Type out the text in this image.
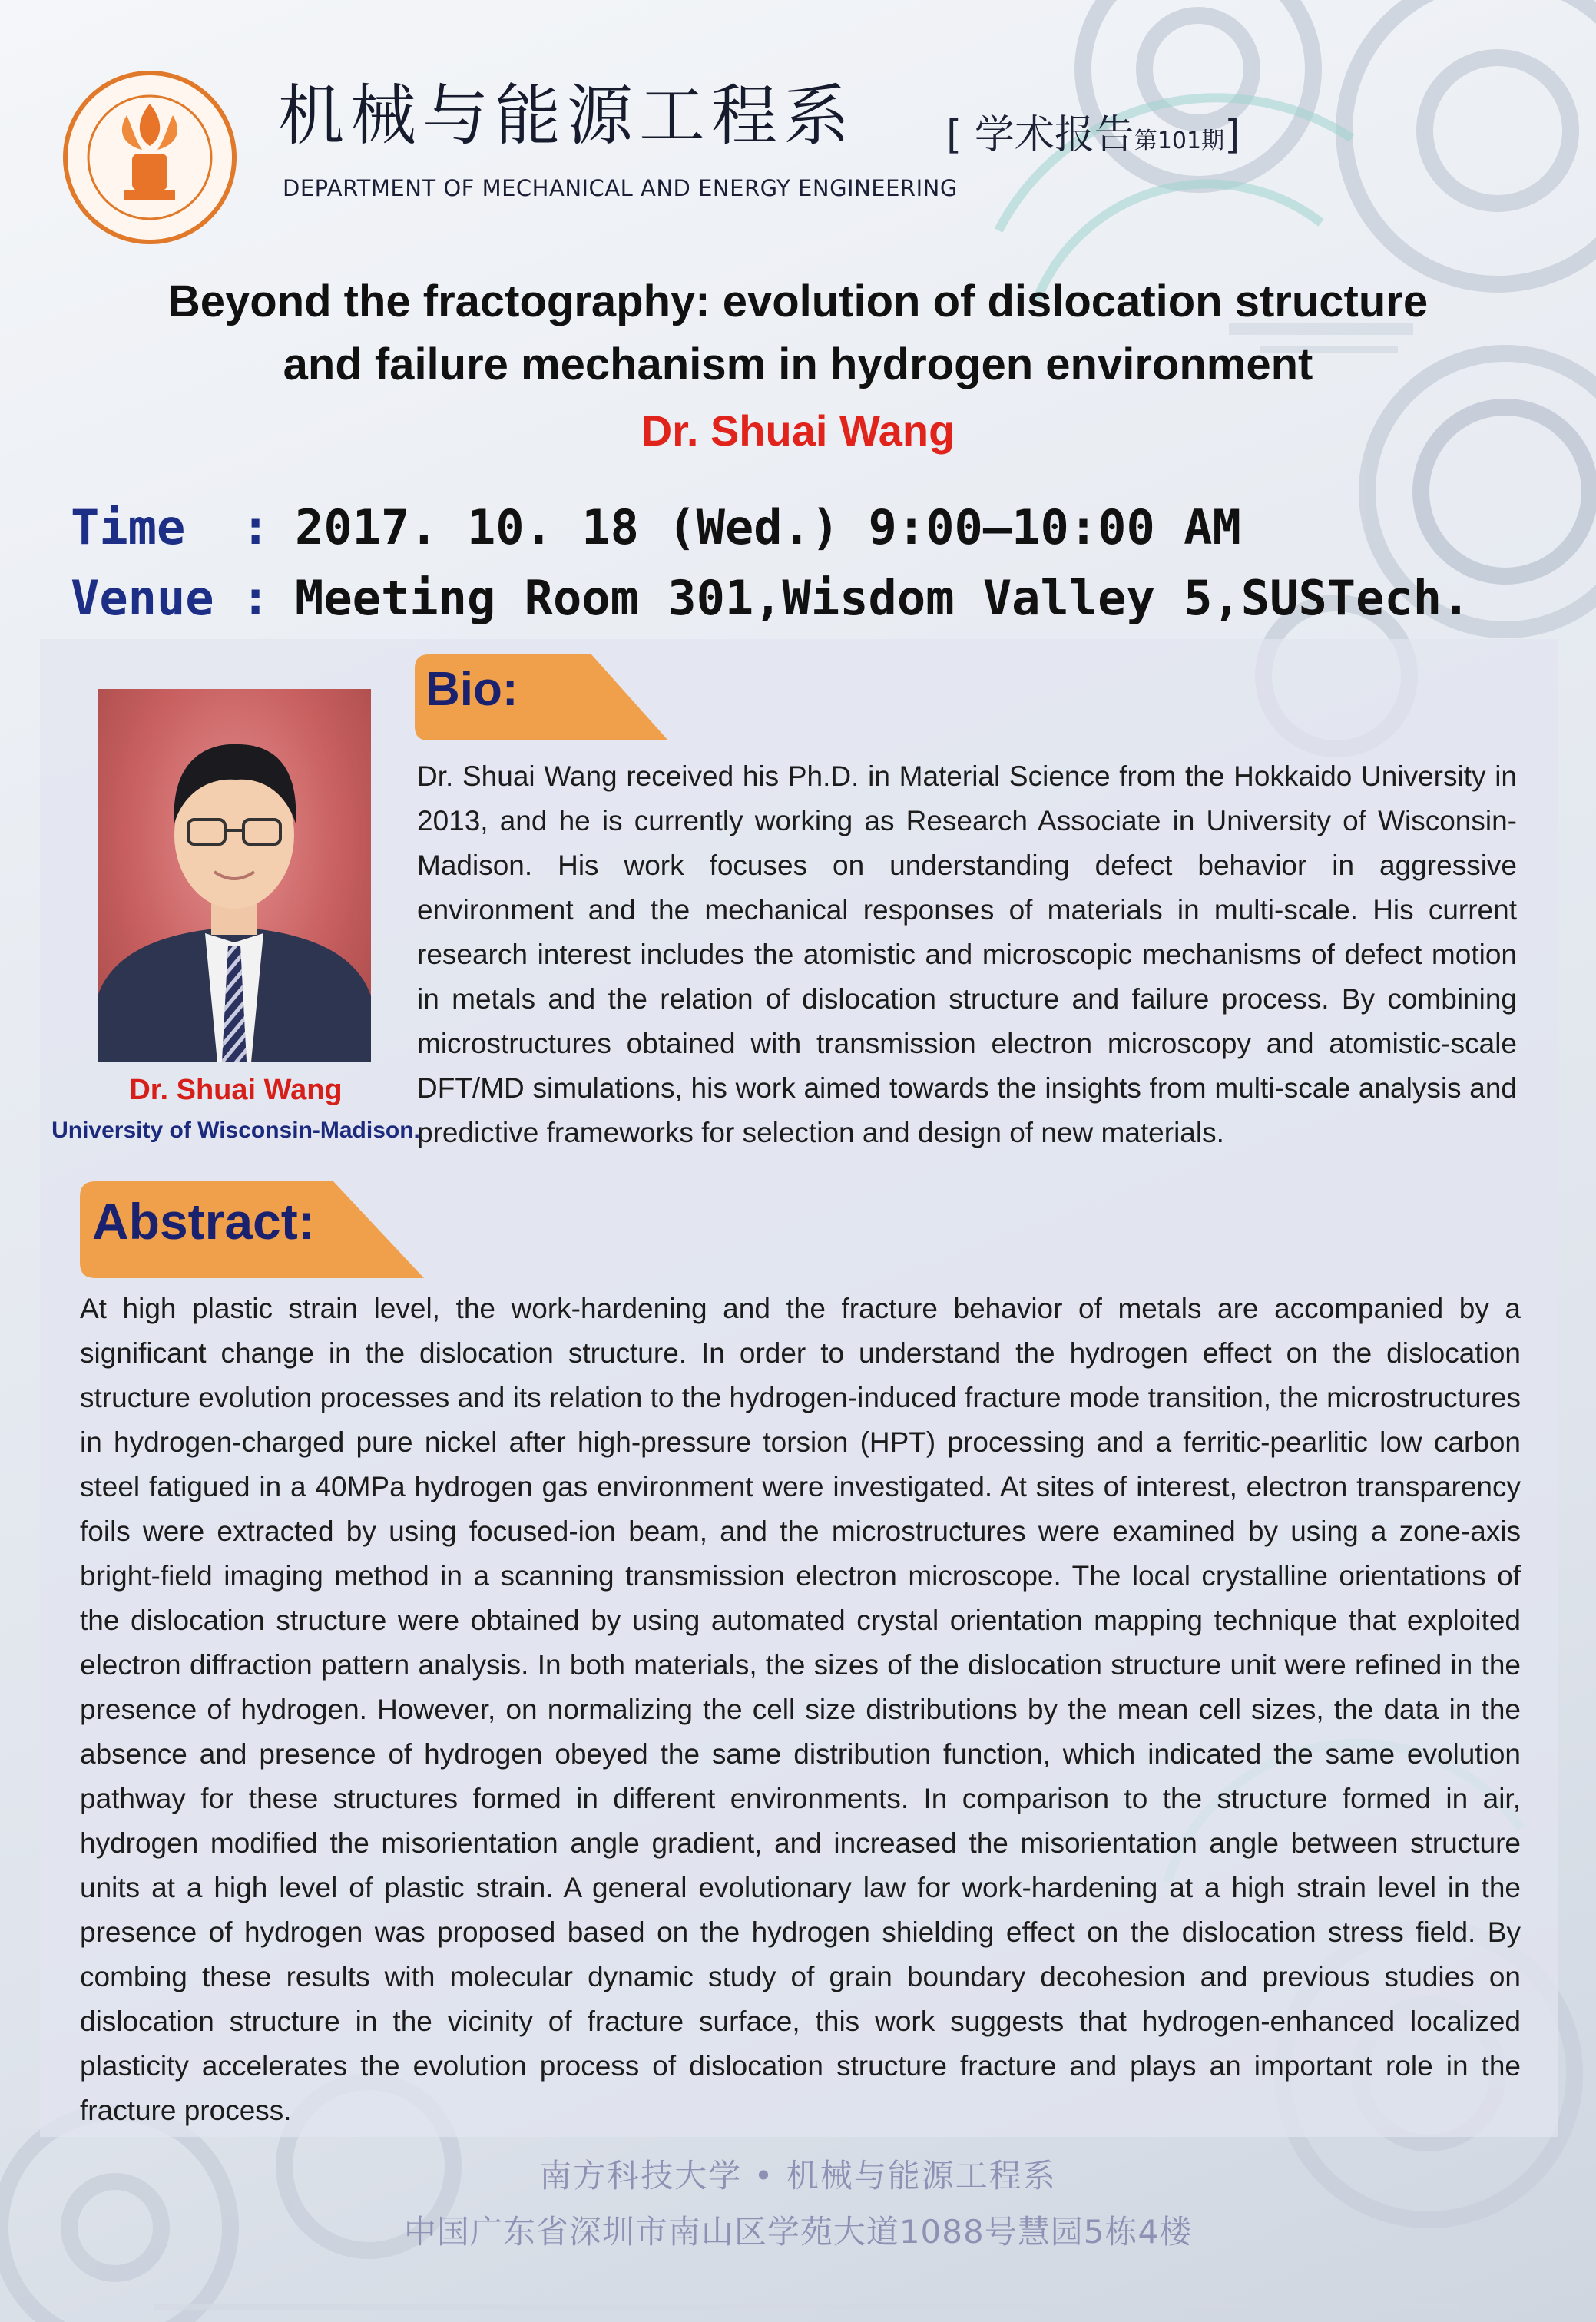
机械与能源工程系 [ 学术报告第101期]
DEPARTMENT OF MECHANICAL AND ENERGY ENGINEERING
Beyond the fractography: evolution of dislocation structure
and failure mechanism in hydrogen environment
Dr. Shuai Wang
Time : 2017. 10. 18 (Wed.) 9:00—10:00 AM
Venue : Meeting Room 301,Wisdom Valley 5,SUSTech.
Dr. Shuai Wang
University of Wisconsin-Madison.
Bio:
Dr. Shuai Wang received his Ph.D. in Material Science from the Hokkaido University in 2013, and he is currently working as Research Associate in University of Wisconsin-Madison. His work focuses on understanding defect behavior in aggressive environment and the mechanical responses of materials in multi-scale. His current research interest includes the atomistic and microscopic mechanisms of defect motion in metals and the relation of dislocation structure and failure process. By combining microstructures obtained with transmission electron microscopy and atomistic-scale DFT/MD simulations, his work aimed towards the insights from multi-scale analysis and predictive frameworks for selection and design of new materials.
Abstract:
At high plastic strain level, the work-hardening and the fracture behavior of metals are accompanied by a significant change in the dislocation structure. In order to understand the hydrogen effect on the dislocation structure evolution processes and its relation to the hydrogen-induced fracture mode transition, the microstructures in hydrogen-charged pure nickel after high-pressure torsion (HPT) processing and a ferritic-pearlitic low carbon steel fatigued in a 40MPa hydrogen gas environment were investigated. At sites of interest, electron transparency foils were extracted by using focused-ion beam, and the microstructures were examined by using a zone-axis bright-field imaging method in a scanning transmission electron microscope. The local crystalline orientations of the dislocation structure were obtained by using automated crystal orientation mapping technique that exploited electron diffraction pattern analysis. In both materials, the sizes of the dislocation structure unit were refined in the presence of hydrogen. However, on normalizing the cell size distributions by the mean cell sizes, the data in the absence and presence of hydrogen obeyed the same distribution function, which indicated the same evolution pathway for these structures formed in different environments. In comparison to the structure formed in air, hydrogen modified the misorientation angle gradient, and increased the misorientation angle between structure units at a high level of plastic strain. A general evolutionary law for work-hardening at a high strain level in the presence of hydrogen was proposed based on the hydrogen shielding effect on the dislocation stress field. By combing these results with molecular dynamic study of grain boundary decohesion and previous studies on dislocation structure in the vicinity of fracture surface, this work suggests that hydrogen-enhanced localized plasticity accelerates the evolution process of dislocation structure fracture and plays an important role in the fracture process.
南方科技大学 • 机械与能源工程系
中国广东省深圳市南山区学苑大道1088号慧园5栋4楼
